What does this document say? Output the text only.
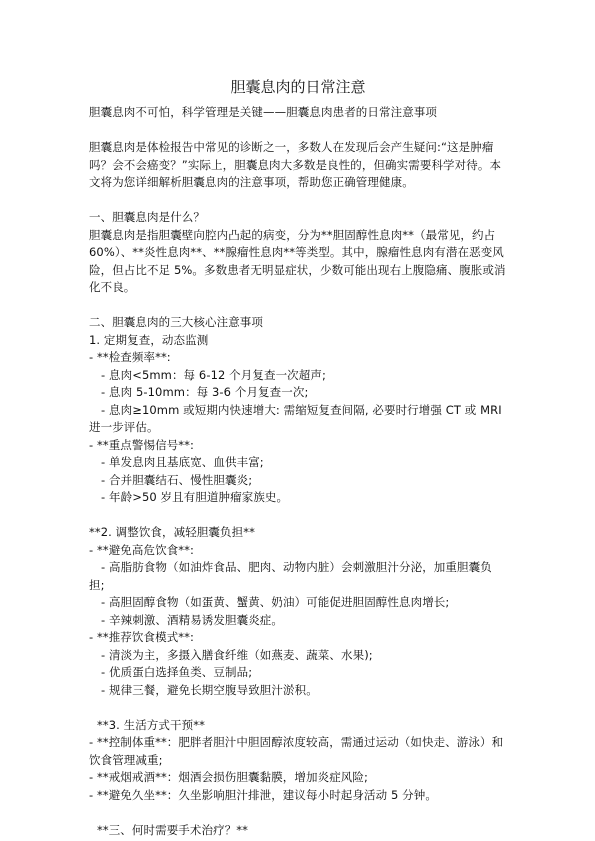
胆囊息肉的日常注意

胆囊息肉不可怕，科学管理是关键——胆囊息肉患者的日常注意事项

胆囊息肉是体检报告中常见的诊断之一，多数人在发现后会产生疑问:“这是肿瘤吗？会不会癌变？”实际上，胆囊息肉大多数是良性的，但确实需要科学对待。本文将为您详细解析胆囊息肉的注意事项，帮助您正确管理健康。

一、胆囊息肉是什么？

胆囊息肉是指胆囊壁向腔内凸起的病变，分为**胆固醇性息肉**（最常见，约占60%）、**炎性息肉**、**腺瘤性息肉**等类型。其中，腺瘤性息肉有潜在恶变风险，但占比不足 5%。多数患者无明显症状，少数可能出现右上腹隐痛、腹胀或消化不良。

二、胆囊息肉的三大核心注意事项

1. 定期复查，动态监测

- **检查频率**:

- 息肉<5mm：每 6-12 个月复查一次超声;

- 息肉 5-10mm：每 3-6 个月复查一次;

- 息肉≥10mm 或短期内快速增大: 需缩短复查间隔, 必要时行增强 CT 或 MRI 进一步评估。

- **重点警惕信号**:

- 单发息肉且基底宽、血供丰富;

- 合并胆囊结石、慢性胆囊炎;

- 年龄>50 岁且有胆道肿瘤家族史。

**2. 调整饮食，减轻胆囊负担**

- **避免高危饮食**:

- 高脂肪食物（如油炸食品、肥肉、动物内脏）会刺激胆汁分泌，加重胆囊负担;

- 高胆固醇食物（如蛋黄、蟹黄、奶油）可能促进胆固醇性息肉增长;

- 辛辣刺激、酒精易诱发胆囊炎症。

- **推荐饮食模式**:

- 清淡为主，多摄入膳食纤维（如燕麦、蔬菜、水果);

- 优质蛋白选择鱼类、豆制品;

- 规律三餐，避免长期空腹导致胆汁淤积。

**3. 生活方式干预**

- **控制体重**：肥胖者胆汁中胆固醇浓度较高，需通过运动（如快走、游泳）和饮食管理减重;

- **戒烟戒酒**：烟酒会损伤胆囊黏膜，增加炎症风险;

- **避免久坐**：久坐影响胆汁排泄，建议每小时起身活动 5 分钟。

**三、何时需要手术治疗？**
